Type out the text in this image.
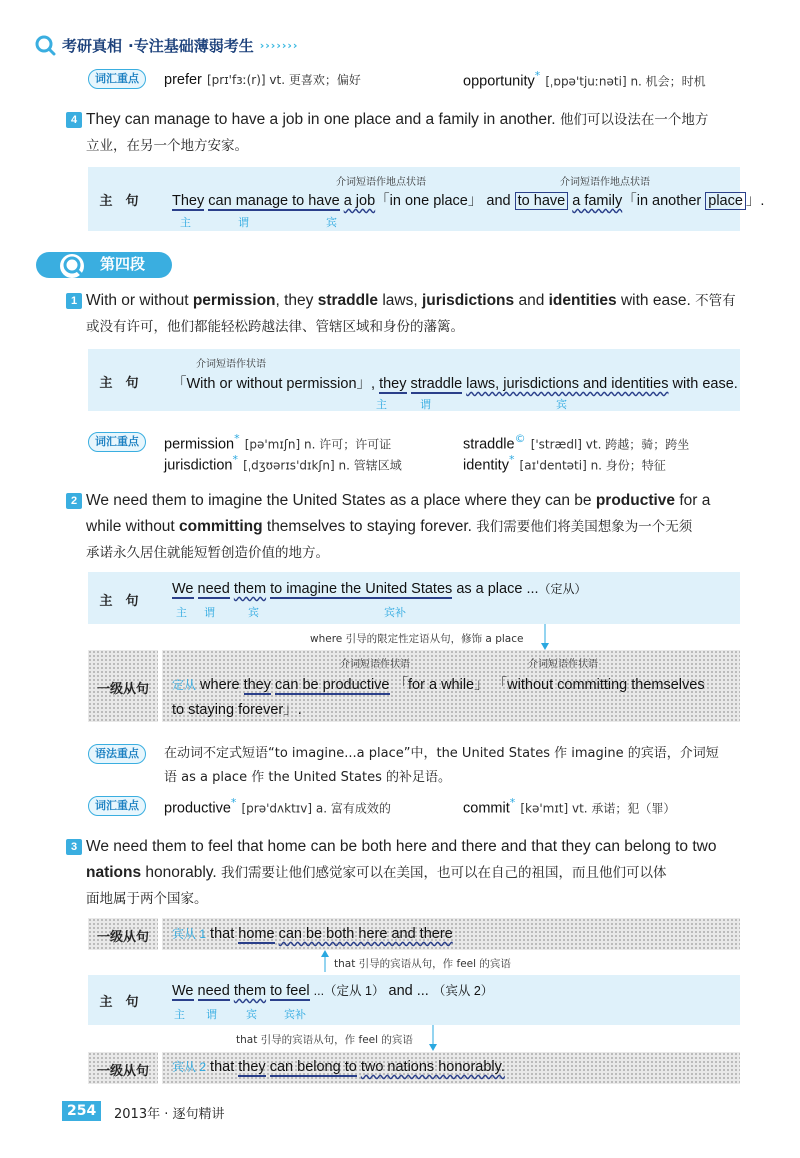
考研真相 ·专注基础薄弱考生 ›››››››
词汇重点	prefer [prɪ'fɜː(r)] vt. 更喜欢；偏好	opportunity* [ˌɒpə'tjuːnəti] n. 机会；时机
4 They can manage to have a job in one place and a family in another. 他们可以设法在一个地方
立业，在另一个地方安家。
主　句
介词短语作地点状语	介词短语作地点状语
They can manage to have a job「in one place」 and to have a family「in another place 」.
主	谓	宾
第四段
1 With or without permission, they straddle laws, jurisdictions and identities with ease. 不管有
或没有许可，他们都能轻松跨越法律、管辖区域和身份的藩篱。
主　句
介词短语作状语
「With or without permission」, they straddle laws, jurisdictions and identities with ease.
主	谓	宾
词汇重点	permission* [pə'mɪʃn] n. 许可；许可证	straddle© ['strædl] vt. 跨越；骑；跨坐
jurisdiction* [ˌdʒʊərɪs'dɪkʃn] n. 管辖区域	identity* [aɪ'dentəti] n. 身份；特征
2 We need them to imagine the United States as a place where they can be productive for a
while without committing themselves to staying forever. 我们需要他们将美国想象为一个无须
承诺永久居住就能短暂创造价值的地方。
主　句
We need them to imagine the United States as a place ...（定从）
主 谓	宾	宾补
where 引导的限定性定语从句，修饰 a place
一级从句
介词短语作状语	介词短语作状语
定从 where they can be productive 「for a while」 「without committing themselves
to staying forever」.
语法重点	在动词不定式短语“to imagine...a place”中，the United States 作 imagine 的宾语，介词短
语 as a place 作 the United States 的补足语。
词汇重点	productive* [prə'dʌktɪv] a. 富有成效的	commit* [kə'mɪt] vt. 承诺；犯（罪）
3 We need them to feel that home can be both here and there and that they can belong to two
nations honorably. 我们需要让他们感觉家可以在美国，也可以在自己的祖国，而且他们可以体
面地属于两个国家。
一级从句	宾从 1 that home can be both here and there
that 引导的宾语从句，作 feel 的宾语
主　句
We need them to feel ...（定从 1） and ... （宾从 2）
主 谓	宾 宾补
that 引导的宾语从句，作 feel 的宾语
一级从句	宾从 2 that they can belong to two nations honorably.
254	2013年 · 逐句精讲
